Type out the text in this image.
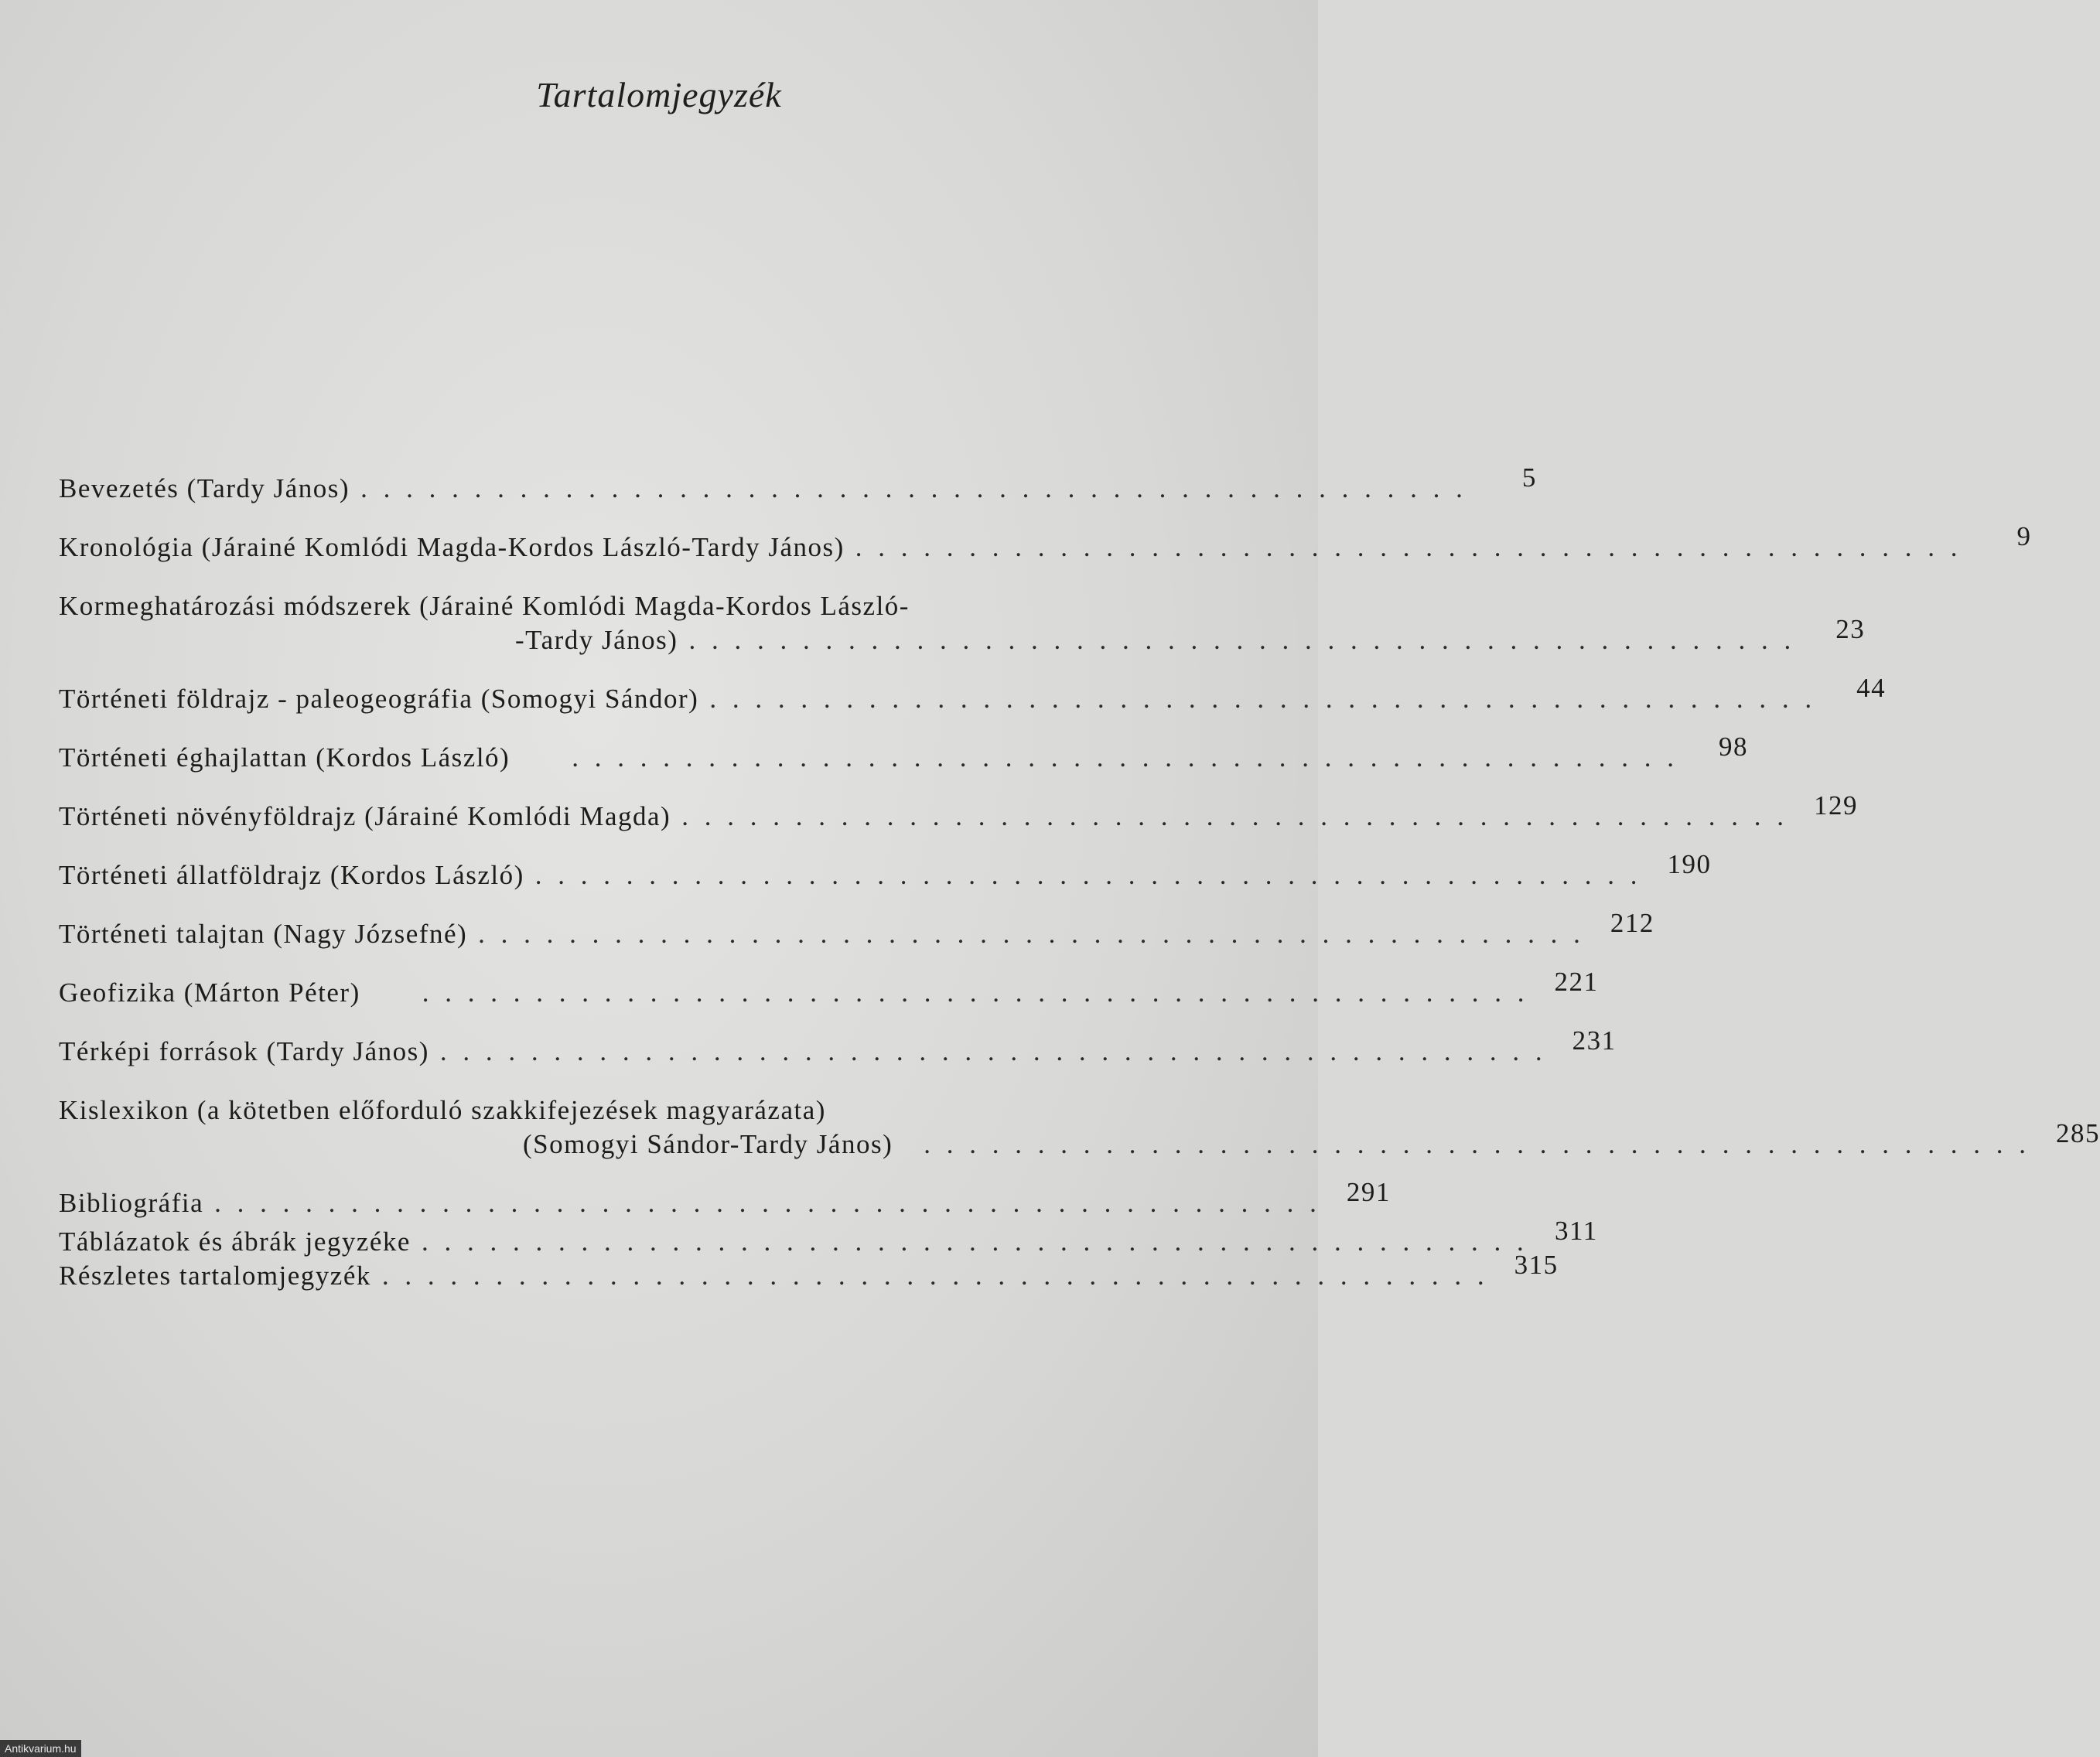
Tartalomjegyzék
Bevezetés (Tardy János) . . . . . . . . . . . . . . . . . . . . . . . . . . . . . . . . . . . . . . . . . . . . . . . . .	5
Kronológia (Járainé Komlódi Magda-Kordos László-Tardy János) . . . . . . . . . . . . . . . . . . . . . . . . . . . . . . . . . . . . . . . . . . . . . . . . .	9
Kormeghatározási módszerek (Járainé Komlódi Magda-Kordos László-
-Tardy János) . . . . . . . . . . . . . . . . . . . . . . . . . . . . . . . . . . . . . . . . . . . . . . . . .	23
Történeti földrajz - paleogeográfia (Somogyi Sándor) . . . . . . . . . . . . . . . . . . . . . . . . . . . . . . . . . . . . . . . . . . . . . . . . .	44
Történeti éghajlattan (Kordos László) . . . . . . . . . . . . . . . . . . . . . . . . . . . . . . . . . . . . . . . . . . . . . . . . .	98
Történeti növényföldrajz (Járainé Komlódi Magda) . . . . . . . . . . . . . . . . . . . . . . . . . . . . . . . . . . . . . . . . . . . . . . . . . 129
Történeti állatföldrajz (Kordos László) . . . . . . . . . . . . . . . . . . . . . . . . . . . . . . . . . . . . . . . . . . . . . . . . . 190
Történeti talajtan (Nagy Józsefné) . . . . . . . . . . . . . . . . . . . . . . . . . . . . . . . . . . . . . . . . . . . . . . . . . 212
Geofizika (Márton Péter) . . . . . . . . . . . . . . . . . . . . . . . . . . . . . . . . . . . . . . . . . . . . . . . . . 221
Térképi források (Tardy János) . . . . . . . . . . . . . . . . . . . . . . . . . . . . . . . . . . . . . . . . . . . . . . . . . 231
Kislexikon (a kötetben előforduló szakkifejezések magyarázata)
(Somogyi Sándor-Tardy János) . . . . . . . . . . . . . . . . . . . . . . . . . . . . . . . . . . . . . . . . . . . . . . . . . 285
Bibliográfia . . . . . . . . . . . . . . . . . . . . . . . . . . . . . . . . . . . . . . . . . . . . . . . . . 291
Táblázatok és ábrák jegyzéke . . . . . . . . . . . . . . . . . . . . . . . . . . . . . . . . . . . . . . . . . . . . . . . . . 311
Részletes tartalomjegyzék . . . . . . . . . . . . . . . . . . . . . . . . . . . . . . . . . . . . . . . . . . . . . . . . . 315
Antikvarium.hu
